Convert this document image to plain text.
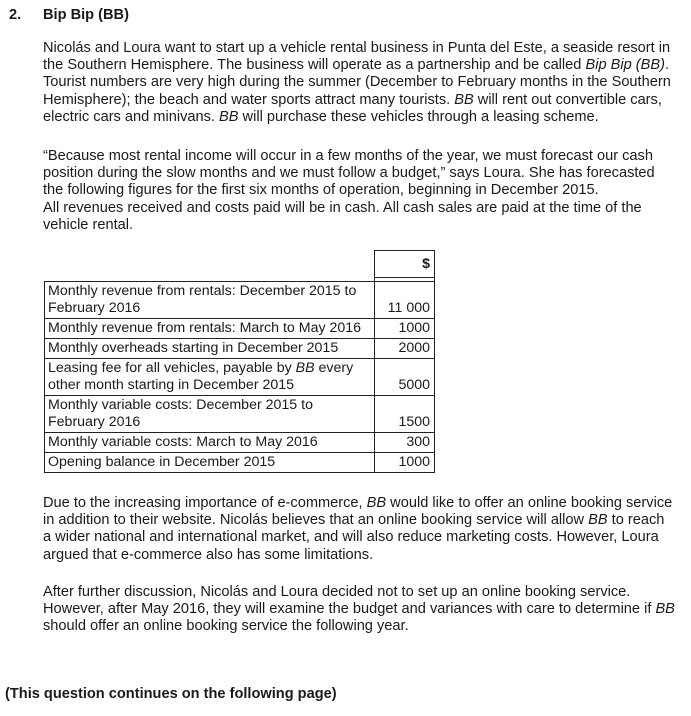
2. Bip Bip (BB)
Nicolás and Loura want to start up a vehicle rental business in Punta del Este, a seaside resort in
the Southern Hemisphere. The business will operate as a partnership and be called Bip Bip (BB).
Tourist numbers are very high during the summer (December to February months in the Southern
Hemisphere); the beach and water sports attract many tourists. BB will rent out convertible cars,
electric cars and minivans. BB will purchase these vehicles through a leasing scheme.
“Because most rental income will occur in a few months of the year, we must forecast our cash
position during the slow months and we must follow a budget,” says Loura. She has forecasted
the following figures for the first six months of operation, beginning in December 2015.
All revenues received and costs paid will be in cash. All cash sales are paid at the time of the
vehicle rental.
	$

Monthly revenue from rentals: December 2015 to
February 2016	11 000
Monthly revenue from rentals: March to May 2016	1000
Monthly overheads starting in December 2015	2000
Leasing fee for all vehicles, payable by BB every
other month starting in December 2015	5000
Monthly variable costs: December 2015 to
February 2016	1500
Monthly variable costs: March to May 2016	300
Opening balance in December 2015	1000
Due to the increasing importance of e-commerce, BB would like to offer an online booking service
in addition to their website. Nicolás believes that an online booking service will allow BB to reach
a wider national and international market, and will also reduce marketing costs. However, Loura
argued that e-commerce also has some limitations.
After further discussion, Nicolás and Loura decided not to set up an online booking service.
However, after May 2016, they will examine the budget and variances with care to determine if BB
should offer an online booking service the following year.
(This question continues on the following page)
